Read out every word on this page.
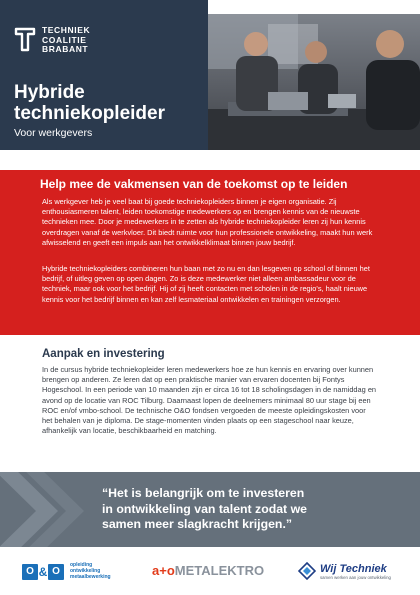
TECHNIEK
COALITIE
BRABANT
Hybride
techniekopleider
Voor werkgevers
Help mee de vakmensen van de toekomst op te leiden

Als werkgever heb je veel baat bij goede techniekopleiders binnen je eigen organisatie. Zij enthousiasmeren talent, leiden toekomstige medewerkers op en brengen kennis van de nieuwste technieken mee. Door je medewerkers in te zetten als hybride techniekopleider leren zij hun kennis overdragen vanaf de werkvloer. Dit biedt ruimte voor hun professionele ontwikkeling, maakt hun werk afwisselend en geeft een impuls aan het ontwikkelklimaat binnen jouw bedrijf.

Hybride techniekopleiders combineren hun baan met zo nu en dan lesgeven op school of binnen het bedrijf, of uitleg geven op open dagen. Zo is deze medewerker niet alleen ambassadeur voor de techniek, maar ook voor het bedrijf. Hij of zij heeft contacten met scholen in de regio's, haalt nieuwe kennis voor het bedrijf binnen en kan zelf lesmateriaal ontwikkelen en trainingen verzorgen.

Aanpak en investering

In de cursus hybride techniekopleider leren medewerkers hoe ze hun kennis en ervaring over kunnen brengen op anderen. Ze leren dat op een praktische manier van ervaren docenten bij Fontys Hogeschool. In een periode van 10 maanden zijn er circa 16 tot 18 scholingsdagen in de namiddag en avond op de locatie van ROC Tilburg. Daarnaast lopen de deelnemers minimaal 80 uur stage bij een ROC en/of vmbo-school. De technische O&O fondsen vergoeden de meeste opleidingskosten voor het behalen van je diploma. De stage-momenten vinden plaats op een stageschool naar keuze, afhankelijk van locatie, beschikbaarheid en matching.

“Het is belangrijk om te investeren
in ontwikkeling van talent zodat we
samen meer slagkracht krijgen.”
O & O
opleiding
ontwikkeling
metaalbewerking	a+o METALEKTRO	Wij Techniek
samen werken aan jouw ontwikkeling
